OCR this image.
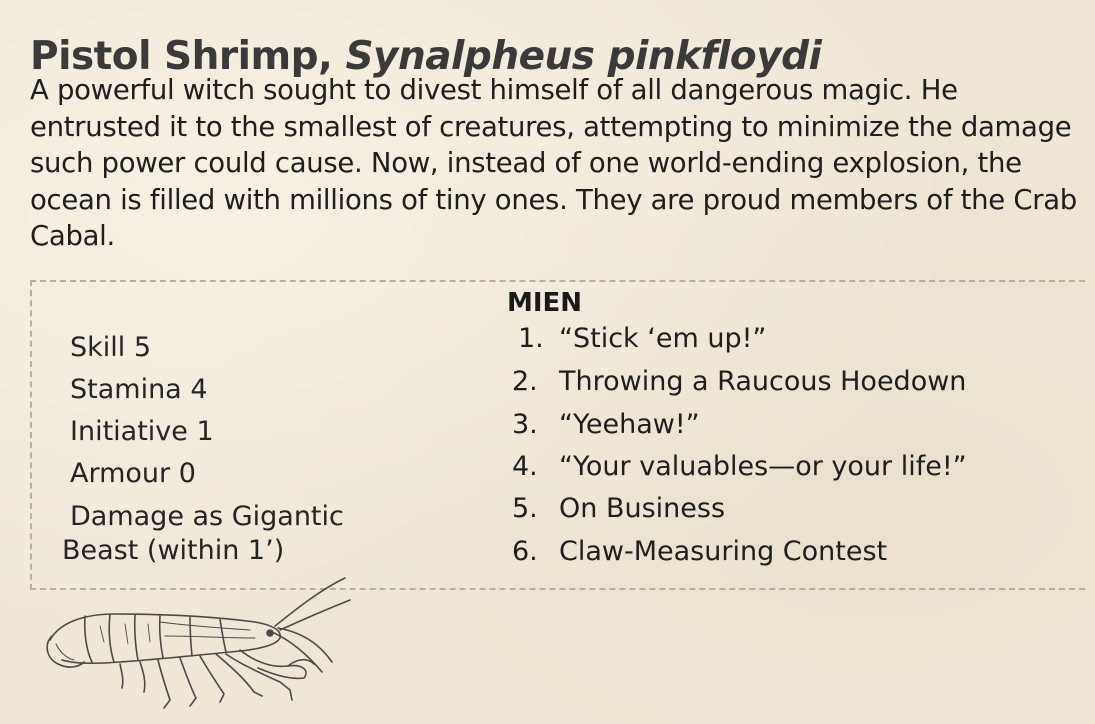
Pistol Shrimp, Synalpheus pinkfloydi

A powerful witch sought to divest himself of all dangerous magic. He entrusted it to the smallest of creatures, attempting to minimize the damage such power could cause. Now, instead of one world-ending explosion, the ocean is filled with millions of tiny ones. They are proud members of the Crab Cabal.

Skill 5
Stamina 4
Initiative 1
Armour 0
Damage as Gigantic
Beast (within 1’)
MIEN
1. “Stick ‘em up!”
2. Throwing a Raucous Hoedown
3. “Yeehaw!”
4. “Your valuables—or your life!”
5. On Business
6. Claw-Measuring Contest
